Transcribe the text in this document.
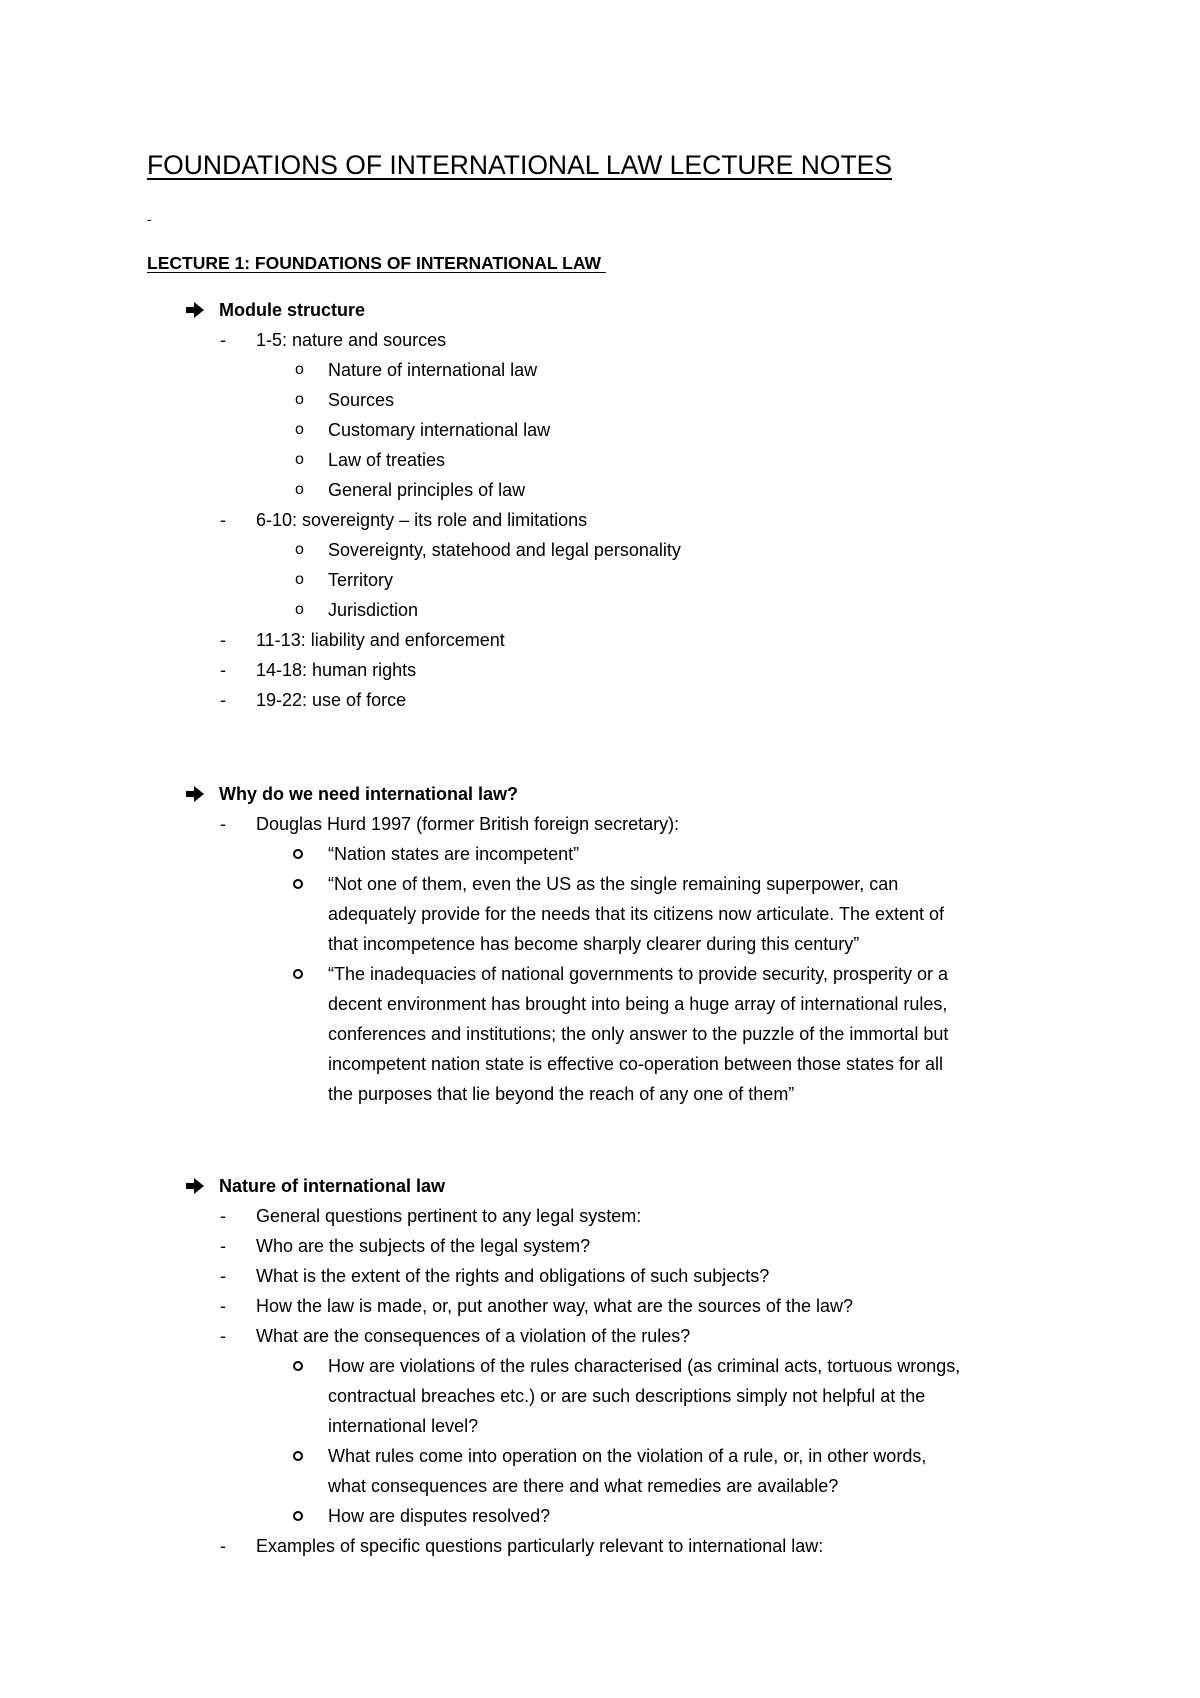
FOUNDATIONS OF INTERNATIONAL LAW LECTURE NOTES
-
LECTURE 1: FOUNDATIONS OF INTERNATIONAL LAW
Module structure
- 1-5: nature and sources
o Nature of international law
o Sources
o Customary international law
o Law of treaties
o General principles of law
- 6-10: sovereignty – its role and limitations
o Sovereignty, statehood and legal personality
o Territory
o Jurisdiction
- 11-13: liability and enforcement
- 14-18: human rights
- 19-22: use of force
Why do we need international law?
- Douglas Hurd 1997 (former British foreign secretary):
“Nation states are incompetent”
“Not one of them, even the US as the single remaining superpower, can
adequately provide for the needs that its citizens now articulate. The extent of
that incompetence has become sharply clearer during this century”
“The inadequacies of national governments to provide security, prosperity or a
decent environment has brought into being a huge array of international rules,
conferences and institutions; the only answer to the puzzle of the immortal but
incompetent nation state is effective co-operation between those states for all
the purposes that lie beyond the reach of any one of them”
Nature of international law
- General questions pertinent to any legal system:
- Who are the subjects of the legal system?
- What is the extent of the rights and obligations of such subjects?
- How the law is made, or, put another way, what are the sources of the law?
- What are the consequences of a violation of the rules?
How are violations of the rules characterised (as criminal acts, tortuous wrongs,
contractual breaches etc.) or are such descriptions simply not helpful at the
international level?
What rules come into operation on the violation of a rule, or, in other words,
what consequences are there and what remedies are available?
How are disputes resolved?
- Examples of specific questions particularly relevant to international law:
